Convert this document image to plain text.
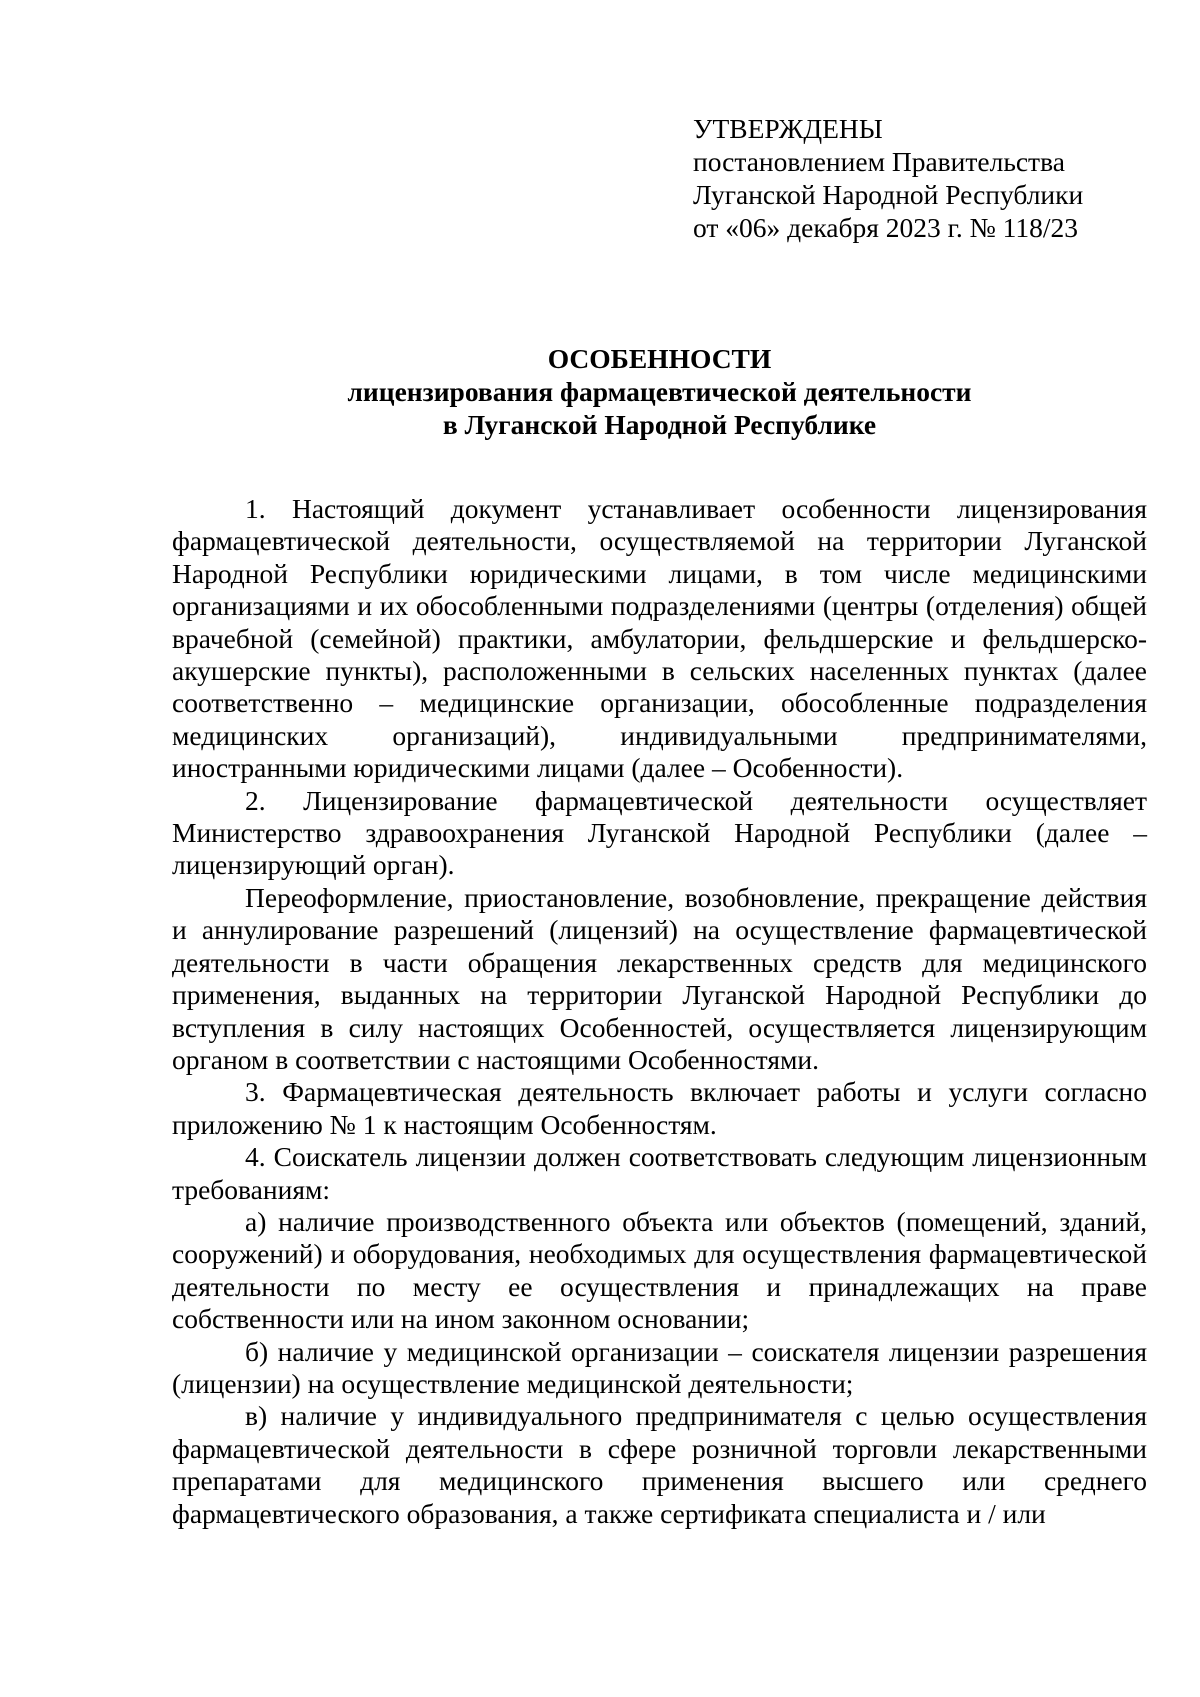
УТВЕРЖДЕНЫ
постановлением Правительства
Луганской Народной Республики
от «06» декабря 2023 г. № 118/23
ОСОБЕННОСТИ
лицензирования фармацевтической деятельности
в Луганской Народной Республике

1. Настоящий документ устанавливает особенности лицензирования фармацевтической деятельности, осуществляемой на территории Луганской Народной Республики юридическими лицами, в том числе медицинскими организациями и их обособленными подразделениями (центры (отделения) общей врачебной (семейной) практики, амбулатории, фельдшерские и фельдшерско-акушерские пункты), расположенными в сельских населенных пунктах (далее соответственно – медицинские организации, обособленные подразделения медицинских организаций), индивидуальными предпринимателями, иностранными юридическими лицами (далее – Особенности).

2. Лицензирование фармацевтической деятельности осуществляет Министерство здравоохранения Луганской Народной Республики (далее – лицензирующий орган).

Переоформление, приостановление, возобновление, прекращение действия и аннулирование разрешений (лицензий) на осуществление фармацевтической деятельности в части обращения лекарственных средств для медицинского применения, выданных на территории Луганской Народной Республики до вступления в силу настоящих Особенностей, осуществляется лицензирующим органом в соответствии с настоящими Особенностями.

3. Фармацевтическая деятельность включает работы и услуги согласно приложению № 1 к настоящим Особенностям.

4. Соискатель лицензии должен соответствовать следующим лицензионным требованиям:

а) наличие производственного объекта или объектов (помещений, зданий, сооружений) и оборудования, необходимых для осуществления фармацевтической деятельности по месту ее осуществления и принадлежащих на праве собственности или на ином законном основании;

б) наличие у медицинской организации – соискателя лицензии разрешения (лицензии) на осуществление медицинской деятельности;

в) наличие у индивидуального предпринимателя с целью осуществления фармацевтической деятельности в сфере розничной торговли лекарственными препаратами для медицинского применения высшего или среднего фармацевтического образования, а также сертификата специалиста и / или
